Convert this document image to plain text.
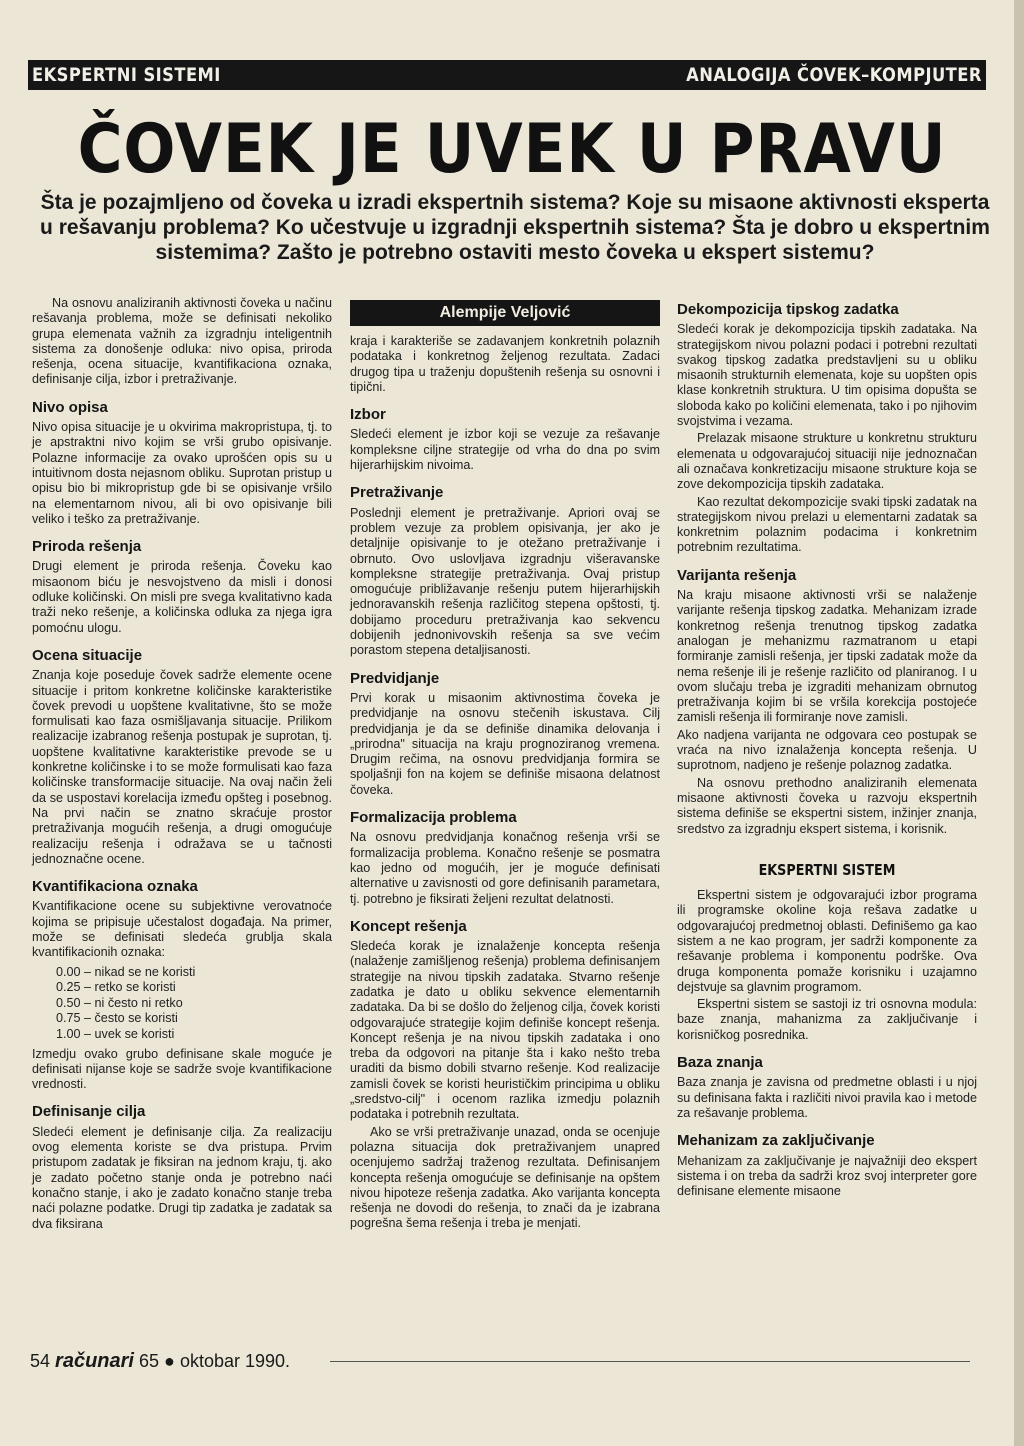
EKSPERTNI SISTEMI	ANALOGIJA ČOVEK–KOMPJUTER
ČOVEK JE UVEK U PRAVU
Šta je pozajmljeno od čoveka u izradi ekspertnih sistema? Koje su misaone aktivnosti eksperta u rešavanju problema? Ko učestvuje u izgradnji ekspertnih sistema? Šta je dobro u ekspertnim sistemima? Zašto je potrebno ostaviti mesto čoveka u ekspert sistemu?

Na osnovu analiziranih aktivnosti čoveka u načinu rešavanja problema, može se definisati nekoliko grupa elemenata važnih za izgradnju inteligentnih sistema za donošenje odluka: nivo opisa, priroda rešenja, ocena situacije, kvantifikaciona oznaka, definisanje cilja, izbor i pretraživanje.

Nivo opisa

Nivo opisa situacije je u okvirima makropristupa, tj. to je apstraktni nivo kojim se vrši grubo opisivanje. Polazne informacije za ovako uprošćen opis su u intuitivnom dosta nejasnom obliku. Suprotan pristup u opisu bio bi mikropristup gde bi se opisivanje vršilo na elementarnom nivou, ali bi ovo opisivanje bili veliko i teško za pretraživanje.

Priroda rešenja

Drugi element je priroda rešenja. Čoveku kao misaonom biću je nesvojstveno da misli i donosi odluke količinski. On misli pre svega kvalitativno kada traži neko rešenje, a količinska odluka za njega igra pomoćnu ulogu.

Ocena situacije

Znanja koje poseduje čovek sadrže elemente ocene situacije i pritom konkretne količinske karakteristike čovek prevodi u uopštene kvalitativne, što se može formulisati kao faza osmišljavanja situacije. Prilikom realizacije izabranog rešenja postupak je suprotan, tj. uopštene kvalitativne karakteristike prevode se u konkretne količinske i to se može formulisati kao faza količinske transformacije situacije. Na ovaj način želi da se uspostavi korelacija između opšteg i posebnog. Na prvi način se znatno skraćuje prostor pretraživanja mogućih rešenja, a drugi omogućuje realizaciju rešenja i odražava se u tačnosti jednoznačne ocene.

Kvantifikaciona oznaka

Kvantifikacione ocene su subjektivne verovatnoće kojima se pripisuje učestalost događaja. Na primer, može se definisati sledeća grublja skala kvantifikacionih oznaka:

0.00 – nikad se ne koristi
0.25 – retko se koristi
0.50 – ni često ni retko
0.75 – često se koristi
1.00 – uvek se koristi

Izmedju ovako grubo definisane skale moguće je definisati nijanse koje se sadrže svoje kvantifikacione vrednosti.

Definisanje cilja

Sledeći element je definisanje cilja. Za realizaciju ovog elementa koriste se dva pristupa. Prvim pristupom zadatak je fiksiran na jednom kraju, tj. ako je zadato početno stanje onda je potrebno naći konačno stanje, i ako je zadato konačno stanje treba naći polazne podatke. Drugi tip zadatka je zadatak sa dva fiksirana

Alempije Veljović

kraja i karakteriše se zadavanjem konkretnih polaznih podataka i konkretnog željenog rezultata. Zadaci drugog tipa u traženju dopuštenih rešenja su osnovni i tipični.

Izbor

Sledeći element je izbor koji se vezuje za rešavanje kompleksne ciljne strategije od vrha do dna po svim hijerarhijskim nivoima.

Pretraživanje

Poslednji element je pretraživanje. Apriori ovaj se problem vezuje za problem opisivanja, jer ako je detaljnije opisivanje to je otežano pretraživanje i obrnuto. Ovo uslovljava izgradnju višeravanske kompleksne strategije pretraživanja. Ovaj pristup omogućuje približavanje rešenju putem hijerarhijskih jednoravanskih rešenja različitog stepena opštosti, tj. dobijamo proceduru pretraživanja kao sekvencu dobijenih jednonivovskih rešenja sa sve većim porastom stepena detaljisanosti.

Predvidjanje

Prvi korak u misaonim aktivnostima čoveka je predvidjanje na osnovu stečenih iskustava. Cilj predvidjanja je da se definiše dinamika delovanja i „prirodna" situacija na kraju prognoziranog vremena. Drugim rečima, na osnovu predvidjanja formira se spoljašnji fon na kojem se definiše misaona delatnost čoveka.

Formalizacija problema

Na osnovu predvidjanja konačnog rešenja vrši se formalizacija problema. Konačno rešenje se posmatra kao jedno od mogućih, jer je moguće definisati alternative u zavisnosti od gore definisanih parametara, tj. potrebno je fiksirati željeni rezultat delatnosti.

Koncept rešenja

Sledeća korak je iznalaženje koncepta rešenja (nalaženje zamišljenog rešenja) problema definisanjem strategije na nivou tipskih zadataka. Stvarno rešenje zadatka je dato u obliku sekvence elementarnih zadataka. Da bi se došlo do željenog cilja, čovek koristi odgovarajuće strategije kojim definiše koncept rešenja. Koncept rešenja je na nivou tipskih zadataka i ono treba da odgovori na pitanje šta i kako nešto treba uraditi da bismo dobili stvarno rešenje. Kod realizacije zamisli čovek se koristi heurističkim principima u obliku „sredstvo-cilj" i ocenom razlika izmedju polaznih podataka i potrebnih rezultata.

Ako se vrši pretraživanje unazad, onda se ocenjuje polazna situacija dok pretraživanjem unapred ocenjujemo sadržaj traženog rezultata. Definisanjem koncepta rešenja omogućuje se definisanje na opštem nivou hipoteze rešenja zadatka. Ako varijanta koncepta rešenja ne dovodi do rešenja, to znači da je izabrana pogrešna šema rešenja i treba je menjati.

Dekompozicija tipskog zadatka

Sledeći korak je dekompozicija tipskih zadataka. Na strategijskom nivou polazni podaci i potrebni rezultati svakog tipskog zadatka predstavljeni su u obliku misaonih strukturnih elemenata, koje su uopšten opis klase konkretnih struktura. U tim opisima dopušta se sloboda kako po količini elemenata, tako i po njihovim svojstvima i vezama.

Prelazak misaone strukture u konkretnu strukturu elemenata u odgovarajućoj situaciji nije jednoznačan ali označava konkretizaciju misaone strukture koja se zove dekompozicija tipskih zadataka.

Kao rezultat dekompozicije svaki tipski zadatak na strategijskom nivou prelazi u elementarni zadatak sa konkretnim polaznim podacima i konkretnim potrebnim rezultatima.

Varijanta rešenja

Na kraju misaone aktivnosti vrši se nalaženje varijante rešenja tipskog zadatka. Mehanizam izrade konkretnog rešenja trenutnog tipskog zadatka analogan je mehanizmu razmatranom u etapi formiranje zamisli rešenja, jer tipski zadatak može da nema rešenje ili je rešenje različito od planiranog. I u ovom slučaju treba je izgraditi mehanizam obrnutog pretraživanja kojim bi se vršila korekcija postojeće zamisli rešenja ili formiranje nove zamisli.

Ako nadjena varijanta ne odgovara ceo postupak se vraća na nivo iznalaženja koncepta rešenja. U suprotnom, nadjeno je rešenje polaznog zadatka.

Na osnovu prethodno analiziranih elemenata misaone aktivnosti čoveka u razvoju ekspertnih sistema definiše se ekspertni sistem, inžinjer znanja, sredstvo za izgradnju ekspert sistema, i korisnik.

EKSPERTNI SISTEM

Ekspertni sistem je odgovarajući izbor programa ili programske okoline koja rešava zadatke u odgovarajućoj predmetnoj oblasti. Definišemo ga kao sistem a ne kao program, jer sadrži komponente za rešavanje problema i komponentu podrške. Ova druga komponenta pomaže korisniku i uzajamno dejstvuje sa glavnim programom.

Ekspertni sistem se sastoji iz tri osnovna modula: baze znanja, mahanizma za zaključivanje i korisničkog posrednika.

Baza znanja

Baza znanja je zavisna od predmetne oblasti i u njoj su definisana fakta i različiti nivoi pravila kao i metode za rešavanje problema.

Mehanizam za zaključivanje

Mehanizam za zaključivanje je najvažniji deo ekspert sistema i on treba da sadrži kroz svoj interpreter gore definisane elemente misaone

54 računari 65 ● oktobar 1990.
